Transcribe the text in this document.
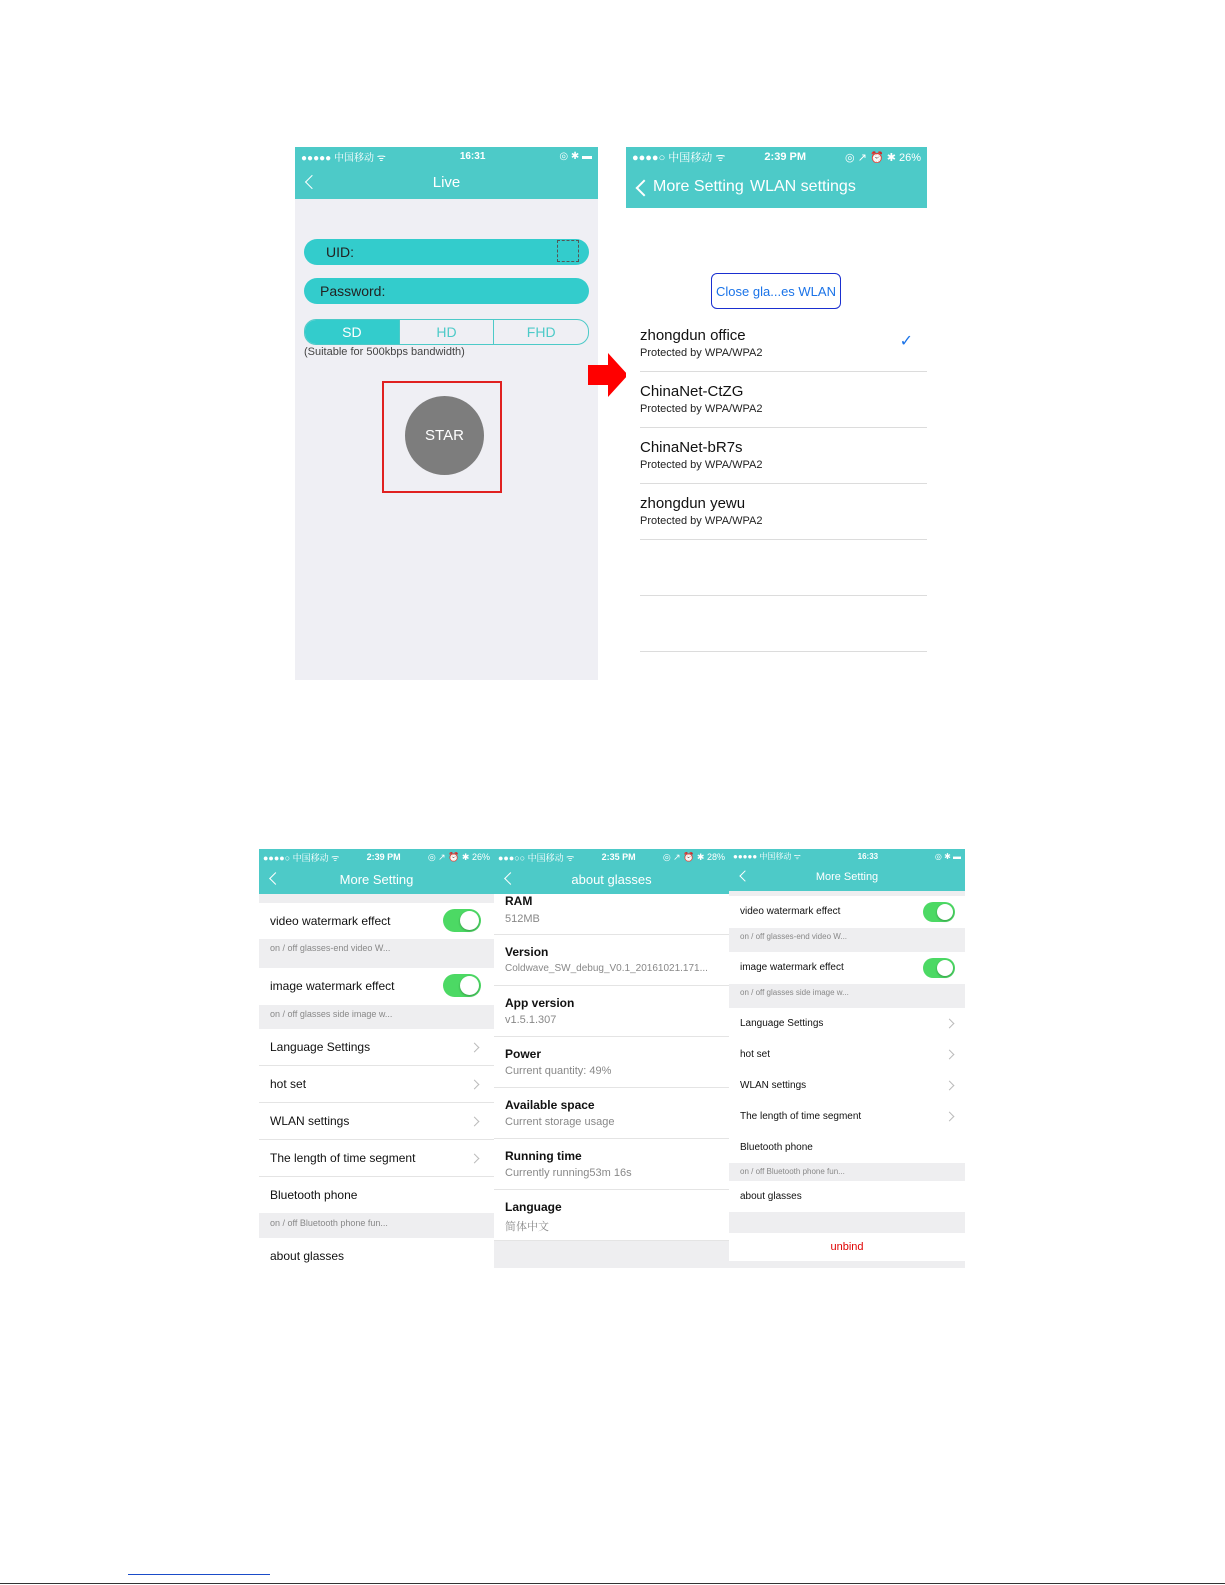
●●●●● 中国移动 ᯤ	16:31	◎ ✱ ▬
Live
UID:
Password:
SD	HD	FHD
(Suitable for 500kbps bandwidth)
STAR
●●●●○ 中国移动 ᯤ	2:39 PM	◎ ↗ ⏰ ✱ 26%
More Setting WLAN settings
Close gla...es WLAN
zhongdun office
Protected by WPA/WPA2
✓
ChinaNet-CtZG
Protected by WPA/WPA2
ChinaNet-bR7s
Protected by WPA/WPA2
zhongdun yewu
Protected by WPA/WPA2
●●●●○ 中国移动 ᯤ	2:39 PM	◎ ↗ ⏰ ✱ 26%
More Setting
video watermark effect
on / off glasses-end video W...
image watermark effect
on / off glasses side image w...
Language Settings
hot set
WLAN settings
The length of time segment
Bluetooth phone
on / off Bluetooth phone fun...
about glasses
●●●○○ 中国移动 ᯤ	2:35 PM	◎ ↗ ⏰ ✱ 28%
about glasses
RAM
512MB
Version
Coldwave_SW_debug_V0.1_20161021.171...
App version
v1.5.1.307
Power
Current quantity: 49%
Available space
Current storage usage
Running time
Currently running53m 16s
Language
简体中文
●●●●● 中国移动 ᯤ	16:33	◎ ✱ ▬
More Setting
video watermark effect
on / off glasses-end video W...
image watermark effect
on / off glasses side image w...
Language Settings
hot set
WLAN settings
The length of time segment
Bluetooth phone
on / off Bluetooth phone fun...
about glasses
unbind
